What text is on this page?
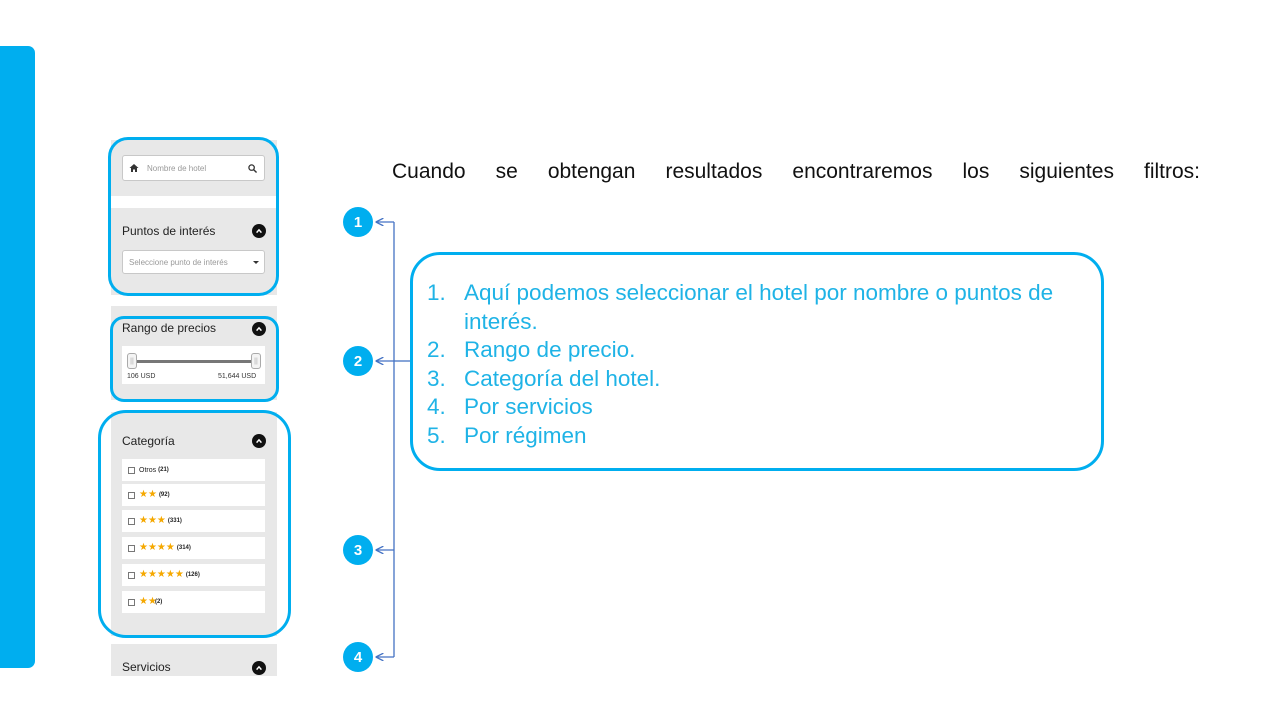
Nombre de hotel
Puntos de interés
Seleccione punto de interés
Rango de precios
||	||
106 USD	51,644 USD
Categoría
Otros (21)
★★ (92)
★★★ (331)
★★★★ (314)
★★★★★ (126)
★★
(2)
Servicios
1
2
3
4
Cuando se obtengan resultados encontraremos los siguientes filtros:
1. Aquí podemos seleccionar el hotel por nombre o puntos de interés.
2. Rango de precio.
3. Categoría del hotel.
4. Por servicios
5. Por régimen
